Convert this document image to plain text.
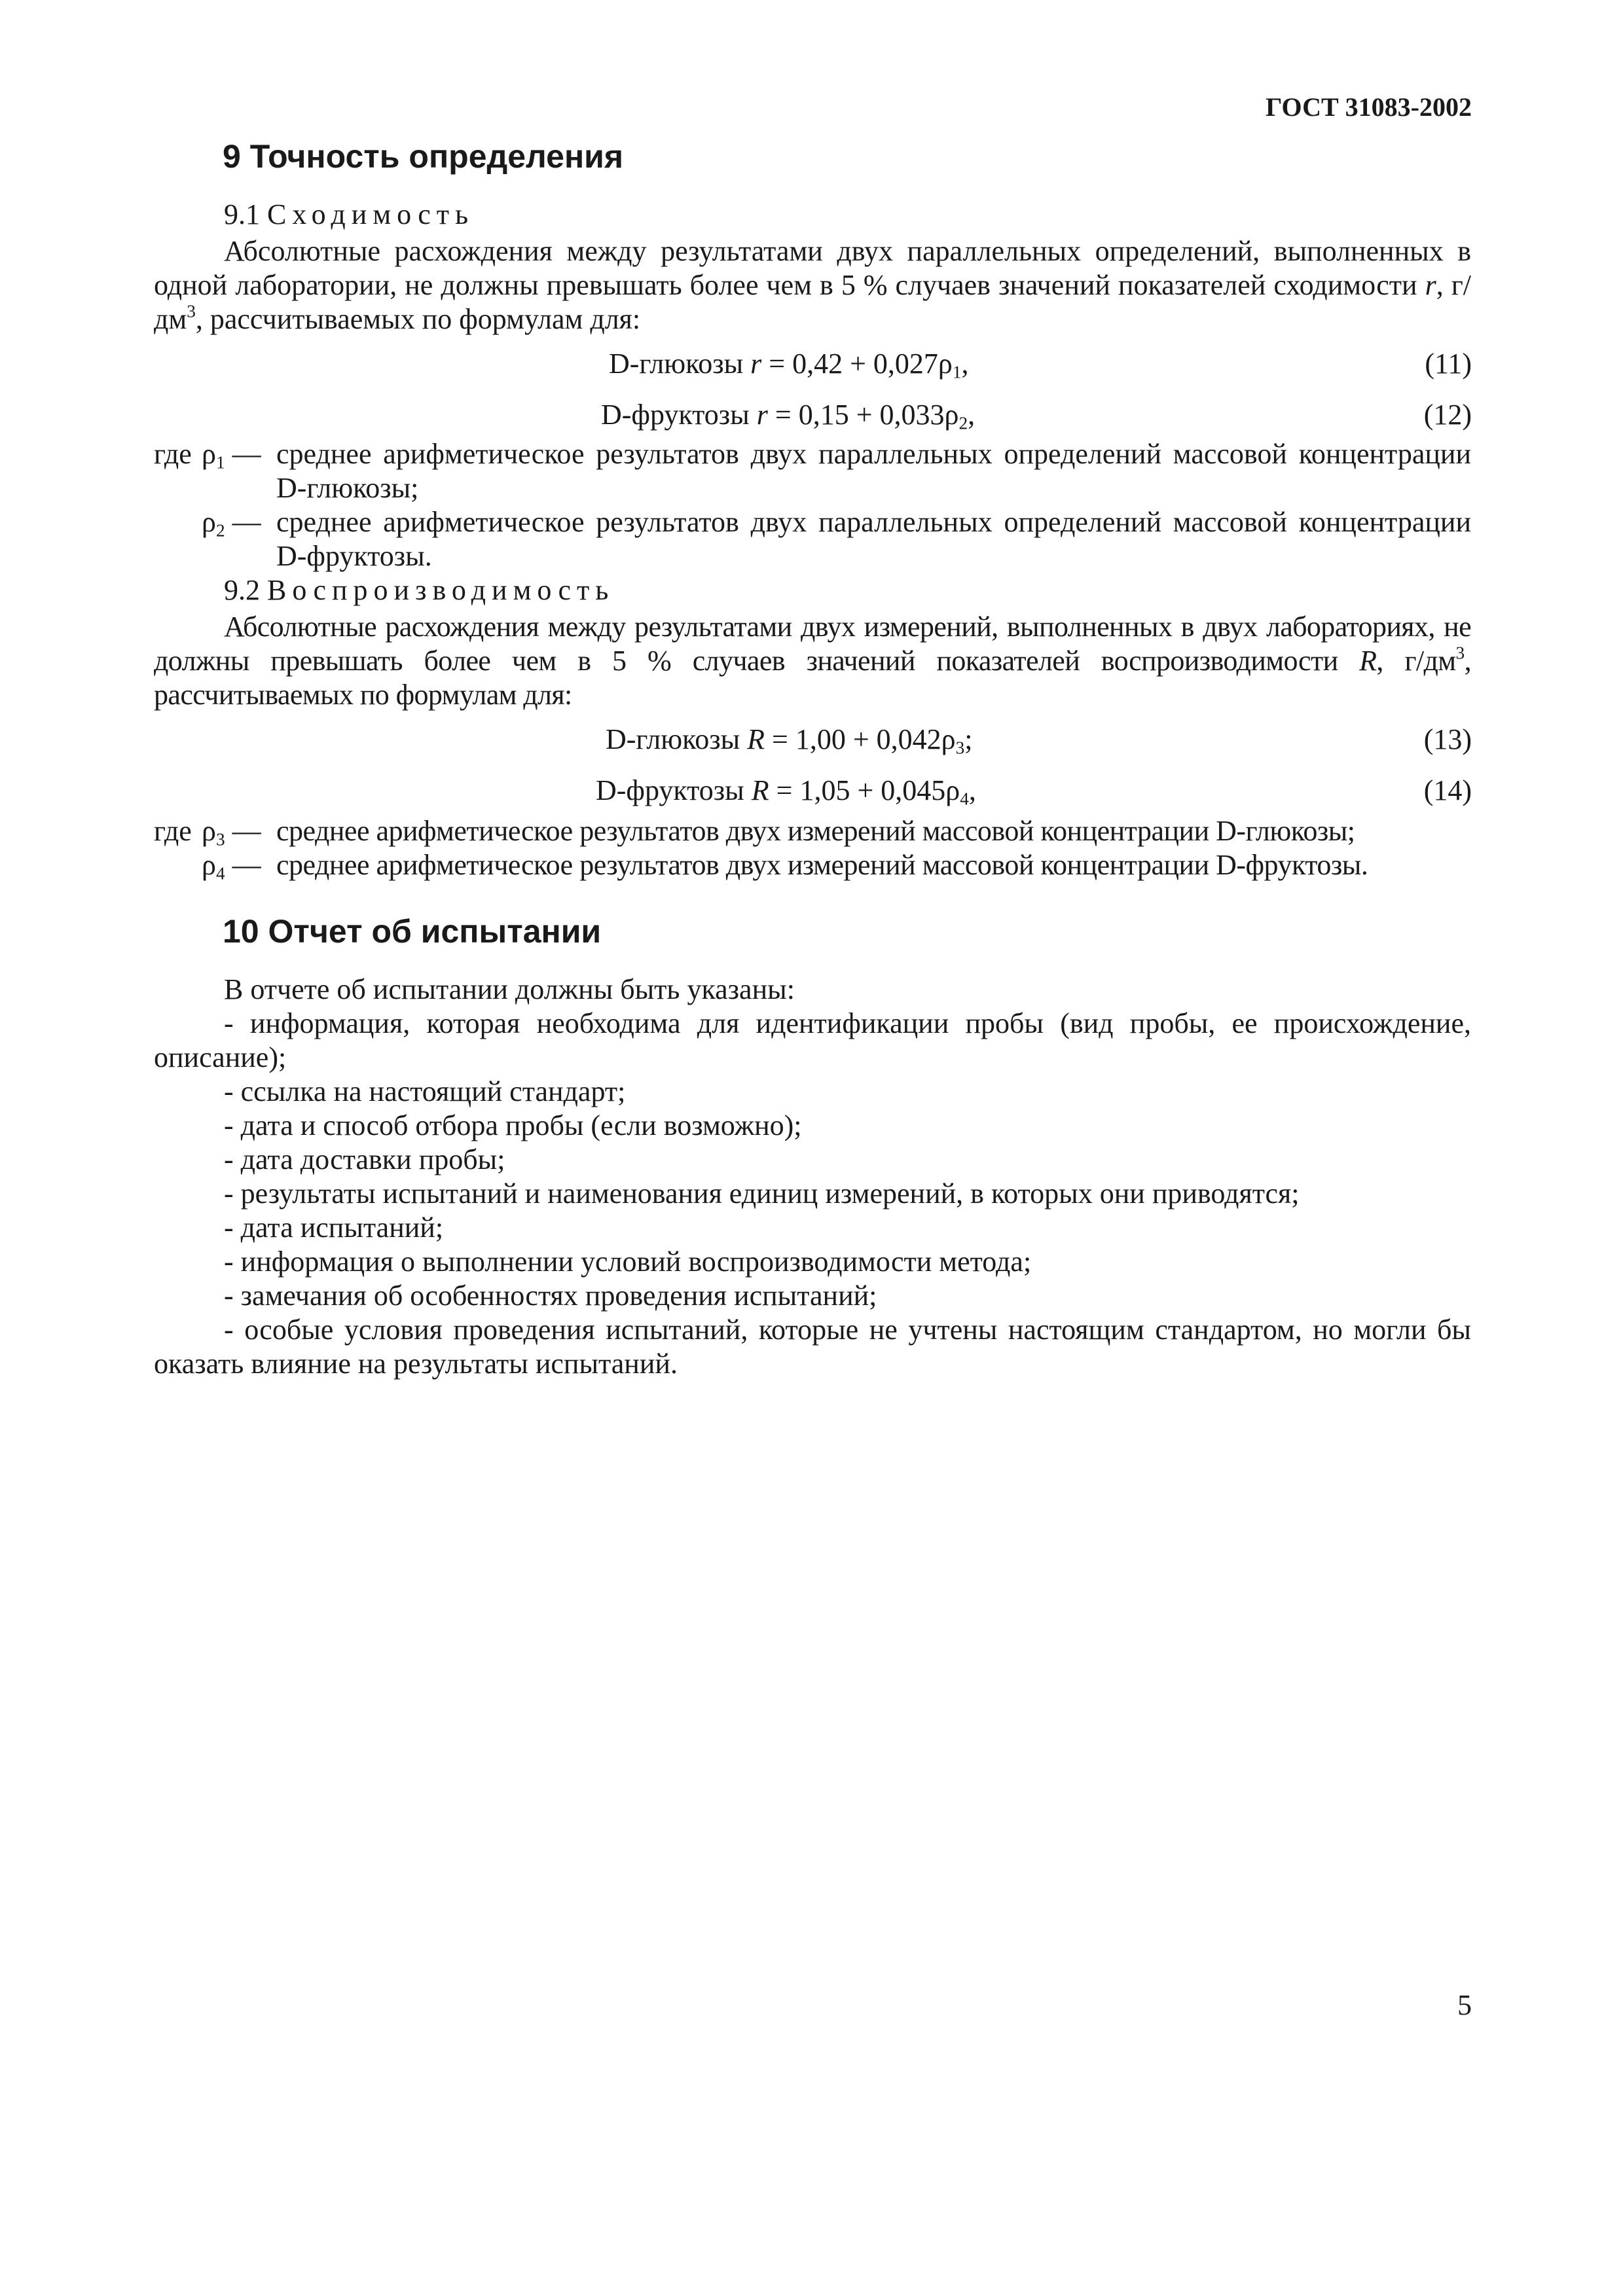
ГОСТ 31083-2002
9 Точность определения
9.1 Сходимость
Абсолютные расхождения между результатами двух параллельных определений, выполненных в одной лаборатории, не должны превышать более чем в 5 % случаев значений показателей сходимости r, $г/дм^3$, рассчитываемых по формулам для:
D-глюкозы $r = 0,42 + 0,027\rho_1$,	(11)
D-фруктозы $r = 0,15 + 0,033\rho_2$,	(12)
где $\rho_1$ — среднее арифметическое результатов двух параллельных определений массовой концентрации D-глюкозы;
$\rho_2$ — среднее арифметическое результатов двух параллельных определений массовой концентрации D-фруктозы.
9.2 Воспроизводимость
Абсолютные расхождения между результатами двух измерений, выполненных в двух лабораториях, не должны превышать более чем в 5 % случаев значений показателей воспроизводимости R, $г/дм^3$, рассчитываемых по формулам для:
D-глюкозы $R = 1,00 + 0,042\rho_3$;	(13)
D-фруктозы $R = 1,05 + 0,045\rho_4$,	(14)
где $\rho_3$ — среднее арифметическое результатов двух измерений массовой концентрации D-глюкозы;
$\rho_4$ — среднее арифметическое результатов двух измерений массовой концентрации D-фруктозы.
10 Отчет об испытании
В отчете об испытании должны быть указаны:
- информация, которая необходима для идентификации пробы (вид пробы, ее происхождение, описание);
- ссылка на настоящий стандарт;
- дата и способ отбора пробы (если возможно);
- дата доставки пробы;
- результаты испытаний и наименования единиц измерений, в которых они приводятся;
- дата испытаний;
- информация о выполнении условий воспроизводимости метода;
- замечания об особенностях проведения испытаний;
- особые условия проведения испытаний, которые не учтены настоящим стандартом, но могли бы оказать влияние на результаты испытаний.
5
